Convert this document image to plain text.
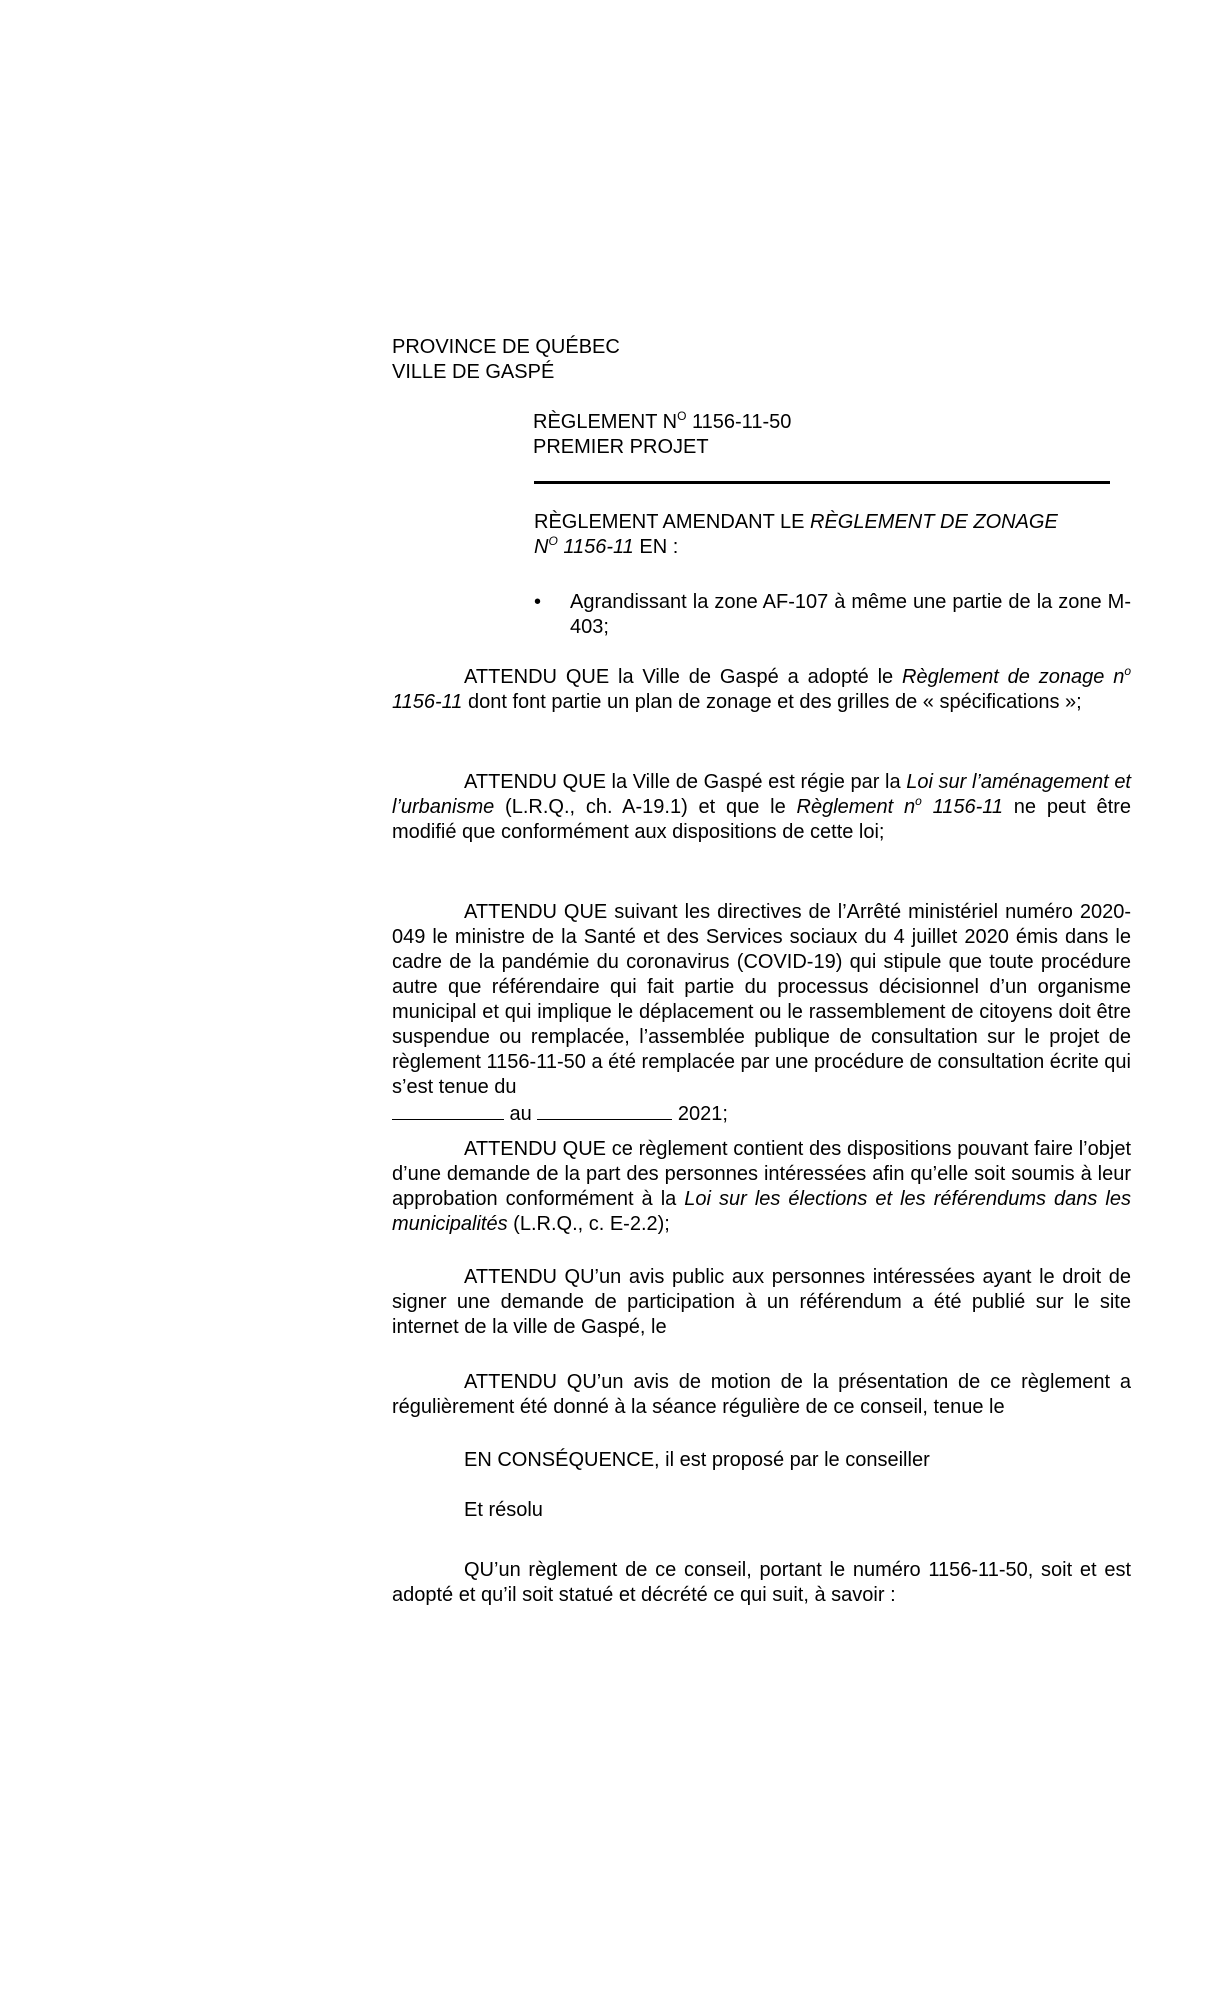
PROVINCE DE QUÉBEC
VILLE DE GASPÉ
RÈGLEMENT $N^O$ 1156-11-50
PREMIER PROJET
RÈGLEMENT AMENDANT LE RÈGLEMENT DE ZONAGE
$N^O$ 1156-11 EN :
•	Agrandissant la zone AF-107 à même une partie de la zone M-403;
ATTENDU QUE la Ville de Gaspé a adopté le Règlement de zonage $n^o$ 1156-11 dont font partie un plan de zonage et des grilles de « spécifications »;
ATTENDU QUE la Ville de Gaspé est régie par la Loi sur l’aménagement et l’urbanisme (L.R.Q., ch. A-19.1) et que le Règlement $n^o$ 1156-11 ne peut être modifié que conformément aux dispositions de cette loi;
ATTENDU QUE suivant les directives de l’Arrêté ministériel numéro 2020-049 le ministre de la Santé et des Services sociaux du 4 juillet 2020 émis dans le cadre de la pandémie du coronavirus (COVID-19) qui stipule que toute procédure autre que référendaire qui fait partie du processus décisionnel d’un organisme municipal et qui implique le déplacement ou le rassemblement de citoyens doit être suspendue ou remplacée, l’assemblée publique de consultation sur le projet de règlement 1156-11-50 a été remplacée par une procédure de consultation écrite qui s’est tenue du
au	2021;
ATTENDU QUE ce règlement contient des dispositions pouvant faire l’objet d’une demande de la part des personnes intéressées afin qu’elle soit soumis à leur approbation conformément à la Loi sur les élections et les référendums dans les municipalités (L.R.Q., c. E-2.2);
ATTENDU QU’un avis public aux personnes intéressées ayant le droit de signer une demande de participation à un référendum a été publié sur le site internet de la ville de Gaspé, le
ATTENDU QU’un avis de motion de la présentation de ce règlement a régulièrement été donné à la séance régulière de ce conseil, tenue le
EN CONSÉQUENCE, il est proposé par le conseiller
Et résolu
QU’un règlement de ce conseil, portant le numéro 1156-11-50, soit et est adopté et qu’il soit statué et décrété ce qui suit, à savoir :
